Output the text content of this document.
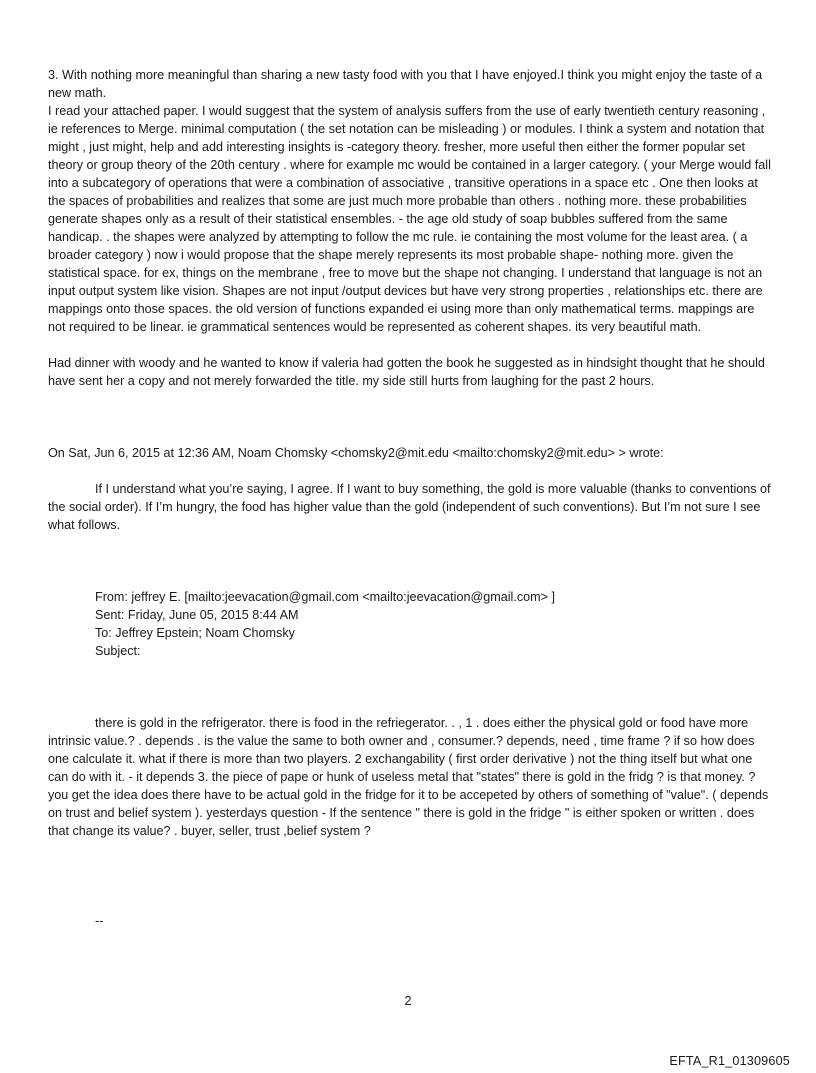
3. With nothing more meaningful than sharing a new tasty food with you that I have enjoyed.I think you might enjoy the taste of a new math.

I read your attached paper. I would suggest that the system of analysis suffers from the use of early twentieth century reasoning , ie references to Merge. minimal computation ( the set notation can be misleading ) or modules. I think a system and notation that might , just might, help and add interesting insights is -category theory. fresher, more useful then either the former popular set theory or group theory of the 20th century . where for example mc would be contained in a larger category. ( your Merge would fall into a subcategory of operations that were a combination of associative , transitive operations in a space etc . One then looks at the spaces of probabilities and realizes that some are just much more probable than others . nothing more. these probabilities generate shapes only as a result of their statistical ensembles. - the age old study of soap bubbles suffered from the same handicap. . the shapes were analyzed by attempting to follow the mc rule. ie containing the most volume for the least area. ( a broader category ) now i would propose that the shape merely represents its most probable shape- nothing more. given the statistical space. for ex, things on the membrane , free to move but the shape not changing. I understand that language is not an input output system like vision. Shapes are not input /output devices but have very strong properties , relationships etc. there are mappings onto those spaces. the old version of functions expanded ei using more than only mathematical terms. mappings are not required to be linear. ie grammatical sentences would be represented as coherent shapes. its very beautiful math.

Had dinner with woody and he wanted to know if valeria had gotten the book he suggested as in hindsight thought that he should have sent her a copy and not merely forwarded the title. my side still hurts from laughing for the past 2 hours.

On Sat, Jun 6, 2015 at 12:36 AM, Noam Chomsky <chomsky2@mit.edu <mailto:chomsky2@mit.edu> > wrote:

If I understand what you’re saying, I agree. If I want to buy something, the gold is more valuable (thanks to conventions of the social order). If I’m hungry, the food has higher value than the gold (independent of such conventions). But I’m not sure I see what follows.

From: jeffrey E. [mailto:jeevacation@gmail.com <mailto:jeevacation@gmail.com> ]

Sent: Friday, June 05, 2015 8:44 AM

To: Jeffrey Epstein; Noam Chomsky

Subject:

there is gold in the refrigerator. there is food in the refriegerator. . , 1 . does either the physical gold or food have more intrinsic value.? . depends . is the value the same to both owner and , consumer.? depends, need , time frame ? if so how does one calculate it. what if there is more than two players. 2 exchangability ( first order derivative ) not the thing itself but what one can do with it. - it depends 3. the piece of pape or hunk of useless metal that "states" there is gold in the fridg ? is that money. ?you get the idea does there have to be actual gold in the fridge for it to be accepeted by others of something of "value". ( depends on trust and belief system ). yesterdays question - If the sentence " there is gold in the fridge " is either spoken or written . does that change its value? . buyer, seller, trust ,belief system ?

--

2
EFTA_R1_01309605
